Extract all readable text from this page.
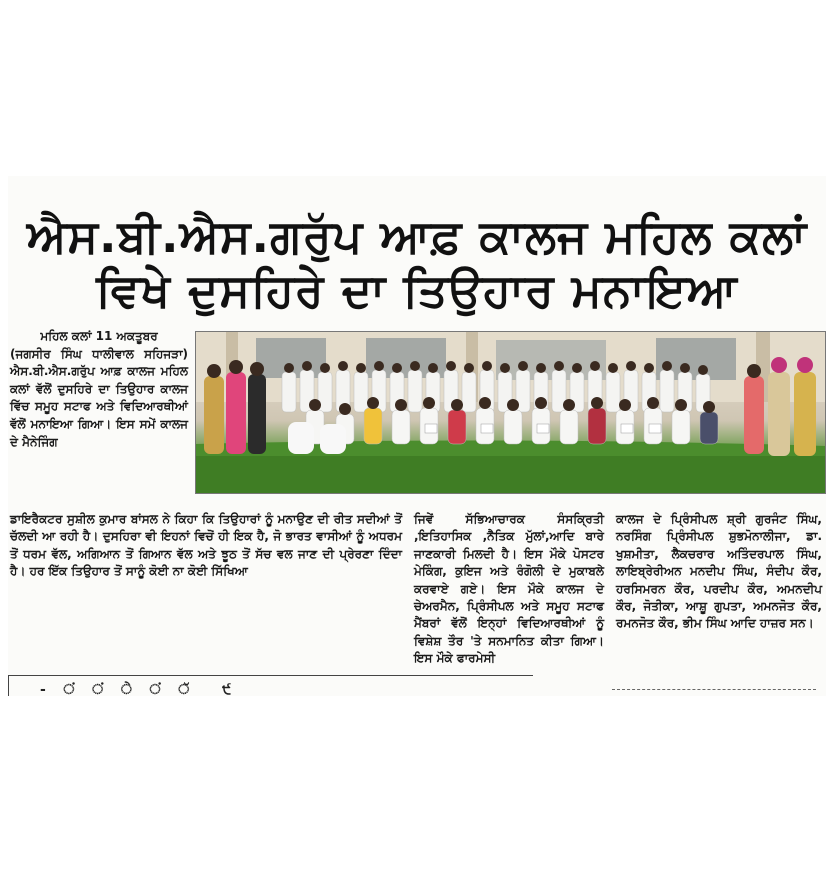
ਐਸ.ਬੀ.ਐਸ.ਗਰੁੱਪ ਆਫ਼ ਕਾਲਜ ਮਹਿਲ ਕਲਾਂ
ਵਿਖੇ ਦੁਸਹਿਰੇ ਦਾ ਤਿਉਹਾਰ ਮਨਾਇਆ
ਮਹਿਲ ਕਲਾਂ 11 ਅਕਤੂਬਰ
(ਜਗਸੀਰ ਸਿੰਘ ਧਾਲੀਵਾਲ ਸਹਿਜੜਾ) ਐਸ.ਬੀ.ਐਸ.ਗਰੁੱਪ ਆਫ਼ ਕਾਲਜ ਮਹਿਲ ਕਲਾਂ ਵੱਲੋਂ ਦੁਸਹਿਰੇ ਦਾ ਤਿਉਹਾਰ ਕਾਲਜ ਵਿੱਚ ਸਮੂਹ ਸਟਾਫ ਅਤੇ ਵਿਦਿਆਰਥੀਆਂ ਵੱਲੋਂ ਮਨਾਇਆ ਗਿਆ। ਇਸ ਸਮੇਂ ਕਾਲਜ ਦੇ ਮੈਨੇਜਿੰਗ
ਡਾਇਰੈਕਟਰ ਸੁਸ਼ੀਲ ਕੁਮਾਰ ਬਾਂਸਲ ਨੇ ਕਿਹਾ ਕਿ ਤਿਉਹਾਰਾਂ ਨੂੰ ਮਨਾਉਣ ਦੀ ਰੀਤ ਸਦੀਆਂ ਤੋਂ ਚੱਲਦੀ ਆ ਰਹੀ ਹੈ। ਦੁਸਹਿਰਾ ਵੀ ਇਹਨਾਂ ਵਿਚੋਂ ਹੀ ਇਕ ਹੈ, ਜੋ ਭਾਰਤ ਵਾਸੀਆਂ ਨੂੰ ਅਧਰਮ ਤੋਂ ਧਰਮ ਵੱਲ, ਅਗਿਆਨ ਤੋਂ ਗਿਆਨ ਵੱਲ ਅਤੇ ਝੂਠ ਤੋਂ ਸੱਚ ਵਲ ਜਾਣ ਦੀ ਪ੍ਰੇਰਣਾ ਦਿੰਦਾ ਹੈ। ਹਰ ਇੱਕ ਤਿਉਹਾਰ ਤੋਂ ਸਾਨੂੰ ਕੋਈ ਨਾ ਕੋਈ ਸਿੱਖਿਆ
ਜਿਵੇਂ ਸੱਭਿਆਚਾਰਕ ਸੰਸਕ੍ਰਿਤੀ ,ਇਤਿਹਾਸਿਕ ,ਨੈਤਿਕ ਮੁੱਲਾਂ,ਆਦਿ ਬਾਰੇ ਜਾਣਕਾਰੀ ਮਿਲਦੀ ਹੈ। ਇਸ ਮੌਕੇ ਪੋਸਟਰ ਮੇਕਿੰਗ, ਕੁਇਜ ਅਤੇ ਰੰਗੋਲੀ ਦੇ ਮੁਕਾਬਲੇ ਕਰਵਾਏ ਗਏ। ਇਸ ਮੌਕੇ ਕਾਲਜ ਦੇ ਚੇਅਰਮੈਨ, ਪ੍ਰਿੰਸੀਪਲ ਅਤੇ ਸਮੂਹ ਸਟਾਫ ਮੈਂਬਰਾਂ ਵੱਲੋਂ ਇਨ੍ਹਾਂ ਵਿਦਿਆਰਥੀਆਂ ਨੂੰ ਵਿਸ਼ੇਸ਼ ਤੌਰ 'ਤੇ ਸਨਮਾਨਿਤ ਕੀਤਾ ਗਿਆ। ਇਸ ਮੌਕੇ ਫਾਰਮੇਸੀ
ਕਾਲਜ ਦੇ ਪ੍ਰਿੰਸੀਪਲ ਸ਼੍ਰੀ ਗੁਰਜੰਟ ਸਿੰਘ, ਨਰਸਿੰਗ ਪ੍ਰਿੰਸੀਪਲ ਸ਼ੁਭਮੋਨਾਲੀਜਾ, ਡਾ. ਖੁਸ਼ਮੀਤਾ, ਲੈਕਚਰਾਰ ਅਤਿੰਦਰਪਾਲ ਸਿੰਘ, ਲਾਇਬ੍ਰੇਰੀਅਨ ਮਨਦੀਪ ਸਿੰਘ, ਸੰਦੀਪ ਕੌਰ, ਹਰਸਿਮਰਨ ਕੌਰ, ਪਰਦੀਪ ਕੌਰ, ਅਮਨਦੀਪ ਕੌਰ, ਜੋਤੀਕਾ, ਆਸ਼ੂ ਗੁਪਤਾ, ਅਮਨਜੋਤ ਕੌਰ, ਰਮਨਜੋਤ ਕੌਰ, ਭੀਮ ਸਿੰਘ ਆਦਿ ਹਾਜ਼ਰ ਸਨ।
- ਂ ਂ ੇ ਂ ੱ ੯
